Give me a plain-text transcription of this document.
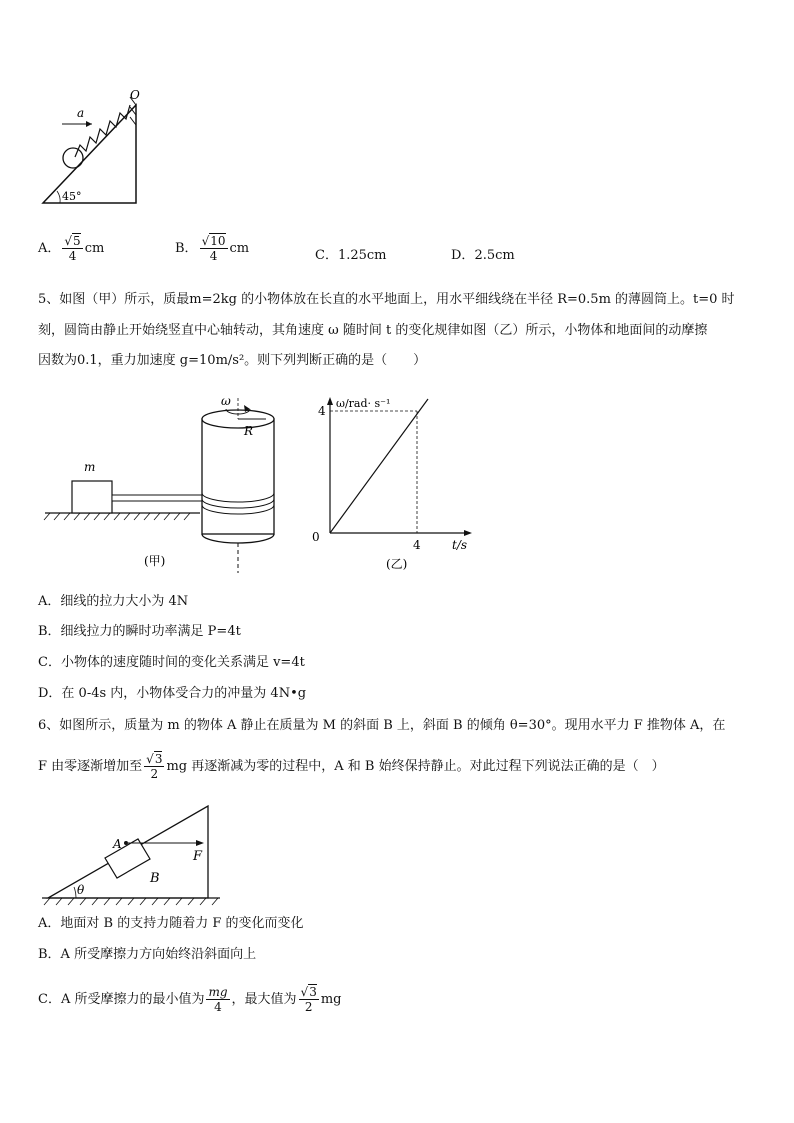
a
O
45°
A． $\frac{√5}{4}$ cm	B． $\frac{√10}{4}$ cm	C．1.25cm	D．2.5cm
5、如图（甲）所示，质最m=2kg 的小物体放在长直的水平地面上，用水平细线绕在半径 R=0.5m 的薄圆筒上。t=0 时
刻，圆筒由静止开始绕竖直中心轴转动，其角速度 ω 随时间 t 的变化规律如图（乙）所示，小物体和地面间的动摩擦
因数为0.1，重力加速度 g=10m/s²。则下列判断正确的是（　　）
m
ω
R
(甲)
ω/rad· s⁻¹
4
0
4	t/s
(乙)
A．细线的拉力大小为 4N
B．细线拉力的瞬时功率满足 P=4t
C．小物体的速度随时间的变化关系满足 v=4t
D．在 0-4s 内，小物体受合力的冲量为 4N•g
6、如图所示，质量为 m 的物体 A 静止在质量为 M 的斜面 B 上，斜面 B 的倾角 θ=30°。现用水平力 F 推物体 A，在
F 由零逐渐增加至 $\frac{√3}{2}$ mg 再逐渐减为零的过程中，A 和 B 始终保持静止。对此过程下列说法正确的是（　）
A
F
B
θ
A．地面对 B 的支持力随着力 F 的变化而变化
B．A 所受摩擦力方向始终沿斜面向上
C．A 所受摩擦力的最小值为 $\frac{mg}{4}$ ，最大值为 $\frac{√3}{2}$ mg
